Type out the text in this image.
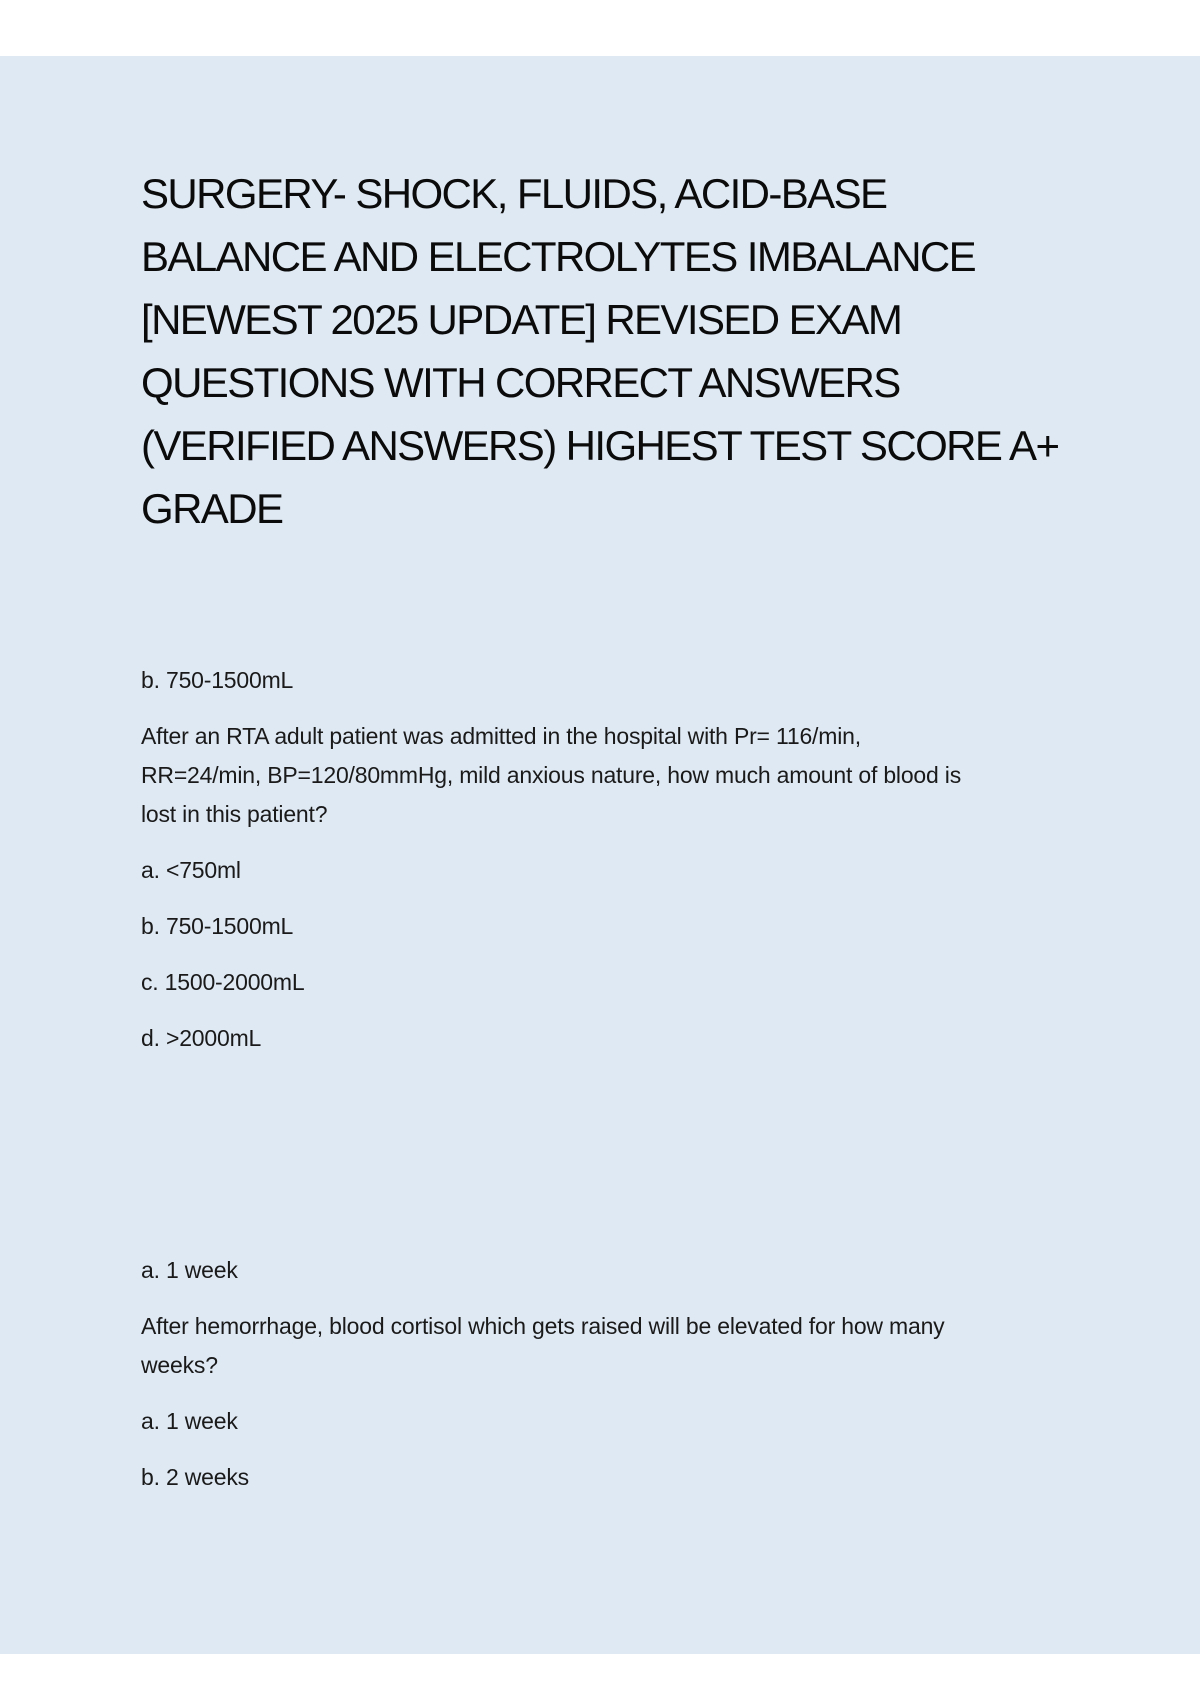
SURGERY- SHOCK, FLUIDS, ACID-BASE BALANCE AND ELECTROLYTES IMBALANCE [NEWEST 2025 UPDATE] REVISED EXAM QUESTIONS WITH CORRECT ANSWERS (VERIFIED ANSWERS) HIGHEST TEST SCORE A+ GRADE

b. 750-1500mL

After an RTA adult patient was admitted in the hospital with Pr= 116/min,

RR=24/min, BP=120/80mmHg, mild anxious nature, how much amount of blood is

lost in this patient?

a. <750ml

b. 750-1500mL

c. 1500-2000mL

d. >2000mL

a. 1 week

After hemorrhage, blood cortisol which gets raised will be elevated for how many

weeks?

a. 1 week

b. 2 weeks
